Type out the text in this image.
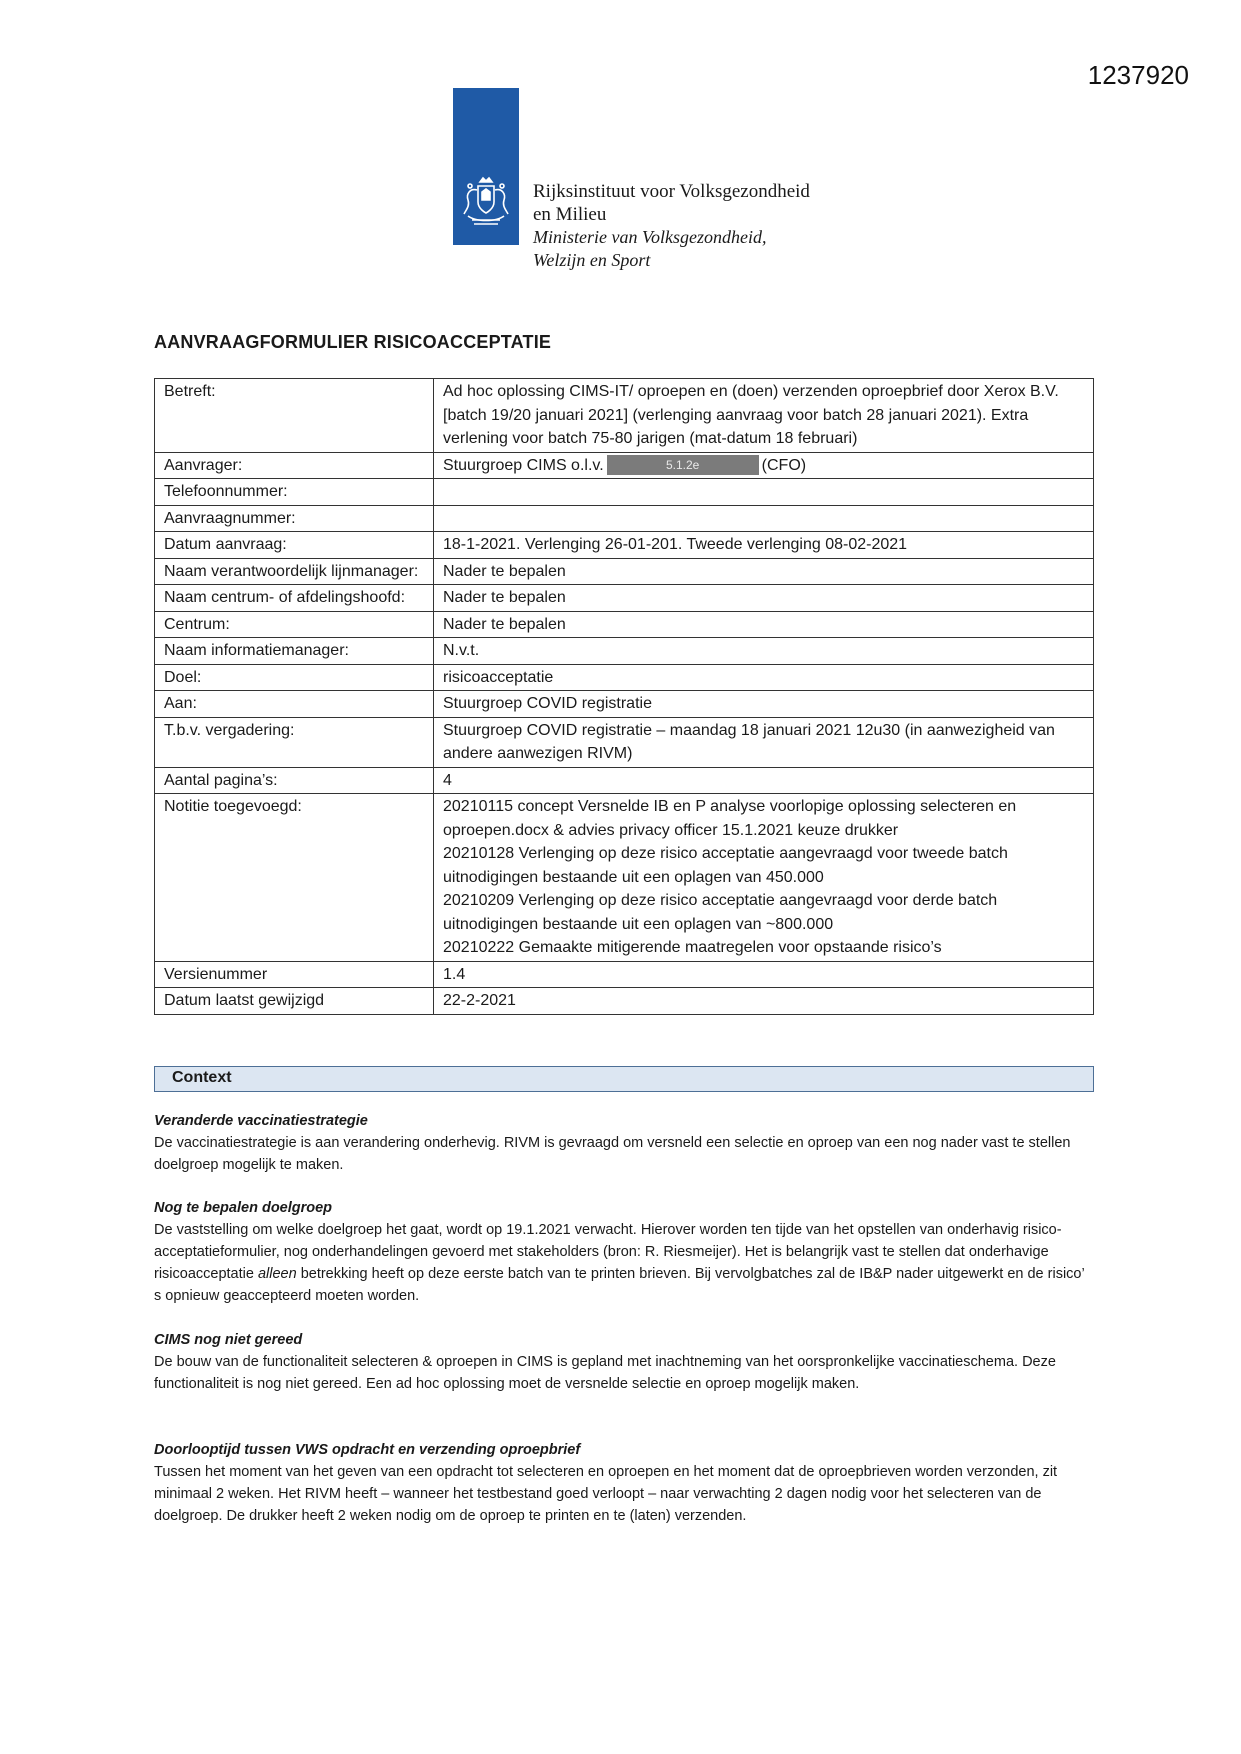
1237920
Rijksinstituut voor Volksgezondheid
en Milieu
Ministerie van Volksgezondheid,
Welzijn en Sport
AANVRAAGFORMULIER RISICOACCEPTATIE
Betreft:	Ad hoc oplossing CIMS-IT/ oproepen en (doen) verzenden oproepbrief door Xerox B.V. [batch 19/20 januari 2021] (verlenging aanvraag voor batch 28 januari 2021). Extra verlening voor batch 75-80 jarigen (mat-datum 18 februari)
Aanvrager:	Stuurgroep CIMS o.l.v. 5.1.2e (CFO)
Telefoonnummer:	
Aanvraagnummer:	
Datum aanvraag:	18-1-2021. Verlenging 26-01-201. Tweede verlenging 08-02-2021
Naam verantwoordelijk lijnmanager:	Nader te bepalen
Naam centrum- of afdelingshoofd:	Nader te bepalen
Centrum:	Nader te bepalen
Naam informatiemanager:	N.v.t.
Doel:	risicoacceptatie
Aan:	Stuurgroep COVID registratie
T.b.v. vergadering:	Stuurgroep COVID registratie – maandag 18 januari 2021 12u30 (in aanwezigheid van andere aanwezigen RIVM)
Aantal pagina’s:	4
Notitie toegevoegd:	20210115 concept Versnelde IB en P analyse voorlopige oplossing selecteren en oproepen.docx & advies privacy officer 15.1.2021 keuze drukker
20210128 Verlenging op deze risico acceptatie aangevraagd voor tweede batch uitnodigingen bestaande uit een oplagen van 450.000
20210209 Verlenging op deze risico acceptatie aangevraagd voor derde batch uitnodigingen bestaande uit een oplagen van ~800.000
20210222 Gemaakte mitigerende maatregelen voor opstaande risico’s

Versienummer	1.4
Datum laatst gewijzigd	22-2-2021
Context
Veranderde vaccinatiestrategie

De vaccinatiestrategie is aan verandering onderhevig. RIVM is gevraagd om versneld een selectie en oproep van een nog nader vast te stellen doelgroep mogelijk te maken.

Nog te bepalen doelgroep

De vaststelling om welke doelgroep het gaat, wordt op 19.1.2021 verwacht. Hierover worden ten tijde van het opstellen van onderhavig risico-acceptatieformulier, nog onderhandelingen gevoerd met stakeholders (bron: R. Riesmeijer). Het is belangrijk vast te stellen dat onderhavige risicoacceptatie alleen betrekking heeft op deze eerste batch van te printen brieven. Bij vervolgbatches zal de IB&P nader uitgewerkt en de risico’ s opnieuw geaccepteerd moeten worden.

CIMS nog niet gereed

De bouw van de functionaliteit selecteren & oproepen in CIMS is gepland met inachtneming van het oorspronkelijke vaccinatieschema. Deze functionaliteit is nog niet gereed. Een ad hoc oplossing moet de versnelde selectie en oproep mogelijk maken.

Doorlooptijd tussen VWS opdracht en verzending oproepbrief

Tussen het moment van het geven van een opdracht tot selecteren en oproepen en het moment dat de oproepbrieven worden verzonden, zit minimaal 2 weken. Het RIVM heeft – wanneer het testbestand goed verloopt – naar verwachting 2 dagen nodig voor het selecteren van de doelgroep. De drukker heeft 2 weken nodig om de oproep te printen en te (laten) verzenden.
